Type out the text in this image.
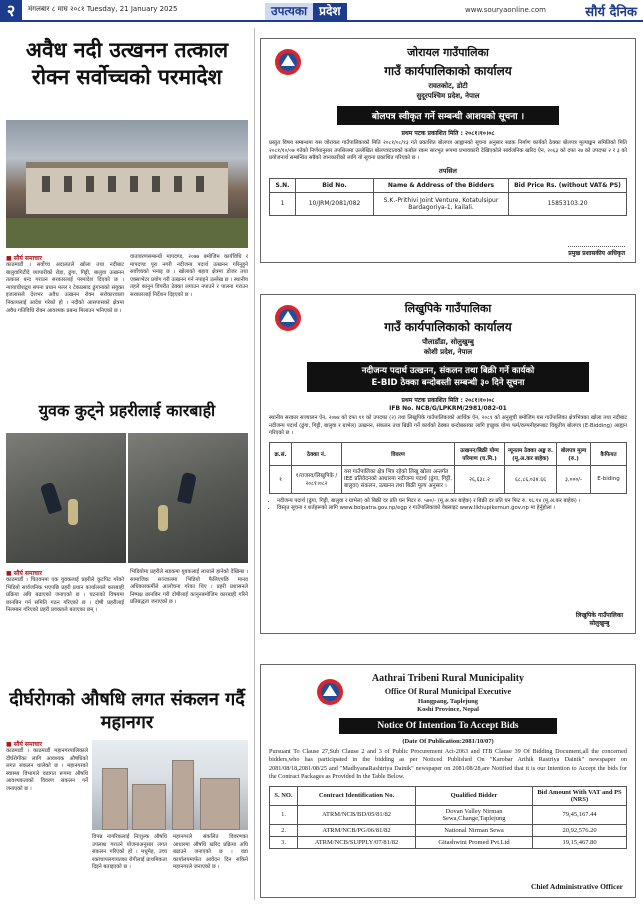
२	मंगलबार ८ माघ २०८१ Tuesday, 21 January 2025	उपत्यका	प्रदेश	www.souryaonline.com	सौर्य दैनिक
अवैध नदी उत्खनन तत्काल रोक्न सर्वोच्चको परमादेश
■ सौर्य समाचार

काठमाडौं । सर्वोच्च अदालतले खोला तथा नदीबाट बालुवागिटीदे व्यापारीको रोडा, ढुंगा, गिट्टी, बालुवा उत्खनन तत्काल बन्द गराउन सरकारलाई परमादेश दिएको छ । न्यायाधीशद्वय सपना प्रधान मल्ल र टेकप्रसाद ढुंगानाको संयुक्त इजलासले देशभर अवैध उत्खनन रोक्न सरोकारवाला निकायलाई आदेश गरेको हो । नदीको आसपासको क्षेत्रमा अवैध गतिविधि रोक्न आवश्यक प्रबन्ध मिलाउन भनिएको छ ।

वातावरणसम्बन्धी मापदण्ड, २०७७ बमोजिम कार्यविधि र मापदण्ड पूरा नगरी नदीजन्य पदार्थ उत्खनन गरिनुहुने सर्वोच्चको भनाइ छ । खोलाको बहाव क्षेत्रमा डोजर तथा एक्साभेटर प्रयोग गरी उत्खनन गर्न नपाइने उल्लेख छ । स्थानीय तहले कानुन विपरीत ठेक्का लगाउन नपाउने र पालना गराउन सरकारलाई निर्देशन दिइएको छ ।

युवक कुट्ने प्रहरीलाई कारबाही
■ सौर्य समाचार

काठमाडौं । चितवनमा एक युवकलाई प्रहरीले कुटपिट गरेको भिडियो सार्वजनिक भएपछि प्रहरी प्रधान कार्यालयले कारबाही प्रक्रिया अघि बढाएको जनाएको छ । घटनाको विषयमा छानबिन गर्न समिति गठन गरिएको छ । दोषी प्रहरीलाई निलम्बन गरिएको प्रहरी प्रवक्ताले बताएका छन् ।

भिडियोमा प्रहरीले सडकमा युवकलाई लात्ताले हानेको देखिन्छ । सामाजिक सञ्जालमा भिडियो फैलिएपछि मानव अधिकारकर्मीले आलोचना गरेका थिए । प्रहरी प्रशासनले निष्पक्ष छानबिन गरी दोषीलाई कानुनबमोजिम कारबाही गरिने प्रतिबद्धता जनाएको छ ।

दीर्घरोगको औषधि लगत संकलन गर्दै महानगर
■ सौर्य समाचार

काठमाडौं । काठमाडौं महानगरपालिकाले दीर्घरोगीका लागि आवश्यक औषधिको लगत संकलन थालेको छ । महानगरको स्वास्थ्य विभागले वडागत रूपमा औषधि आवश्यकताको विवरण संकलन गर्ने जनाएको छ ।

विपन्न नागरिकलाई निःशुल्क औषधि उपलब्ध गराउने योजनाअनुसार लगत संकलन गरिएको हो । मधुमेह, उच्च रक्तचापलगायतका रोगीलाई प्राथमिकता दिइने बताइएको छ ।

महानगरले संकलित विवरणका आधारमा औषधि खरिद प्रक्रिया अघि बढाउने जनाएको छ । वडा कार्यालयमार्फत आवेदन दिन सकिने महानगरले जनाएको छ ।

जोरायल गाउँपालिका
गाउँ कार्यपालिकाको कार्यालय
रावतकोट, डोटी
सुदूरपश्चिम प्रदेश, नेपाल
बोलपत्र स्वीकृत गर्ने सम्बन्धी आशयको सूचना ।
प्रथम पटक प्रकाशित मिति : २०८१।१०।०८

प्रस्तुत विषय सम्बन्धमा यस जोरायल गाउँपालिकाको मिति २०८१/०८/१३ गते प्रकाशित बोलपत्र आह्वानको सूचना अनुसार सडक निर्माण कार्यको ठेक्का बोलपत्र मूल्याङ्कन समितिको मिति २०८१/१०/०७ गतेको निर्णयानुसार तपसिलमा उल्लेखित बोलपत्रदाताको कबोल रकम सारभूत रूपमा प्रभावकारी देखिएकोले सार्वजनिक खरिद ऐन, २०६३ को दफा २७ को उपदफा २ र ३ को प्रयोजनार्थ सम्बन्धित सबैको जानकारीको लागि यो सूचना प्रकाशित गरिएको छ ।

तपसिल
S.N.	Bid No.	Name & Address of the Bidders	Bid Price Rs. (without VAT& PS)
1	10/JRM/2081/082	S.K.-Prithivi Joint Venture, Kotatulsipur Bardagoriya-1, kailali.	15853103.20
प्रमुख प्रशासकीय अधिकृत
लिखुपिके गाउँपालिका
गाउँ कार्यपालिकाको कार्यालय
पौलाडाँडा, सोलुखुम्बु
कोशी प्रदेश, नेपाल
नदीजन्य पदार्थ उत्खनन, संकलन तथा बिक्री गर्ने कार्यको
E-BID ठेक्का बन्दोबस्ती सम्बन्धी ३० दिने सूचना
प्रथम पटक प्रकाशित मिति : २०८१।१०।०८
IFB No. NCB/G/LPKRM/2981/082-01

स्थानीय सरकार सञ्चालन ऐन, २०७४ को दफा ११ को उपदफा (२) तथा लिखुपिके गाउँपालिकाको आर्थिक ऐन, २०८१ को अनुसूची बमोजिम यस गाउँपालिका क्षेत्रभित्रका खोला तथा नदीबाट नदीजन्य पदार्थ (ढुंगा, गिट्टी, बालुवा र ग्राभेल) उत्खनन, संकलन तथा बिक्री गर्ने कार्यको ठेक्का बन्दोबस्तका लागि इच्छुक योग्य फर्म/कम्पनीहरूबाट विद्युतीय बोलपत्र (E-Bidding) आह्वान गरिएको छ ।

क्र.सं.	ठेक्का नं.	विवरण	उत्खनन/बिक्री योग्य परिमाण (घ.मि.)	न्यूनतम ठेक्का अङ्क रु. (मू.अ.कर बाहेक)	बोलपत्र मूल्य (रु.)	कैफियत
१	१/राजस्व/लिखुपिके /२०८१।०८२	यस गाउँपालिका क्षेत्र भित्र रहेको लिखु खोला अन्तर्गत IEE प्रतिवेदनको आधारमा नदीजन्य पदार्थ (ढुंगा, गिट्टी, बालुवा) संकलन, उत्खनन तथा बिक्री मूल्य अनुसार ।	२६,६३८.२	६८,८६,०३४.६६	३,०००/-	E-biding
• नदीजन्य पदार्थ (ढुंगा, गिट्टी, बालुवा र ग्राभेल) को बिक्री दर प्रति घन मिटर रु. ५७०/- (मू.अ.कर बाहेक) र बिक्री दर प्रति घन फिट रु. १६.१४ (मू.अ.कर बाहेक) ।
• विस्तृत सूचना र शर्तहरूको लागि www.bolpatra.gov.np/egp र गाउँपालिकाको वेबसाइट www.likhupikemun.gov.np मा हेर्नुहोला ।
लिखुपिके गाउँपालिका
सोलुखुम्बु
Aathrai Tribeni Rural Municipality
Office Of Rural Municipal Executive
Hangpang, Taplejung
Koshi Province, Nepal
Notice Of Intention To Accept Bids
(Date Of Publication:2081/10/07)

Pursuant To Clause 27,Sub Clause 2 and 3 of Public Procurement Act-2063 and ITB Clause 39 Of Bidding Document,all the concerned bidders,who has participated in the bidding as per Noticed Published On "Karobar Arthik Rastriya Dainik" newspaper on 2081/08/18,2081/08/25 and "MadhyanaRashtriya Dainik" newspaper on 2081/08/28,are Notified that it is our Intention to Accept the bids for the Contract Packages as Provided In the Table Below.

S. NO.	Contract Identification No.	Qualified Bidder	Bid Amount With VAT and PS (NRS)
1.	ATRM/NCB/BD/05/81/82	Dovan Valley Nirman Sewa,Change,Taplejung	79,45,167.44
2.	ATRM/NCB/PG/06/81/82	National Nirman Sewa	20,92,576.20
3.	ATRM/NCB/SUPPLY/07/81/82	Gitashwini Promed Pvt.Ltd	19,15,467.80
Chief Administrative Officer
